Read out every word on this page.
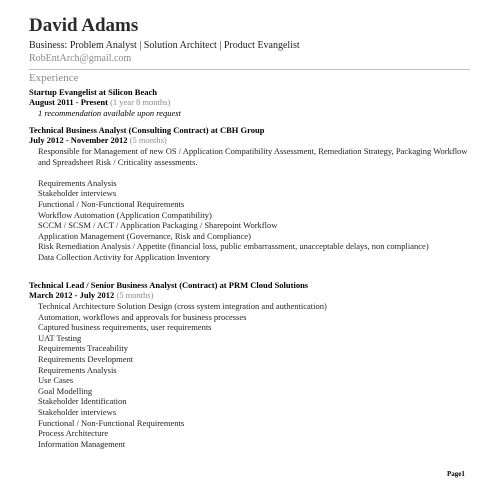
David Adams
Business: Problem Analyst | Solution Architect | Product Evangelist
RobEntArch@gmail.com
Experience
Startup Evangelist at Silicon Beach
August 2011 - Present (1 year 8 months)
1 recommendation available upon request
Technical Business Analyst (Consulting Contract) at CBH Group
July 2012 - November 2012 (5 months)
Responsible for Management of new OS / Application Compatibility Assessment, Remediation Strategy, Packaging Workflow and Spreadsheet Risk / Criticality assessments.
Requirements Analysis
Stakeholder interviews
Functional / Non-Functional Requirements
Workflow Automation (Application Compatibility)
SCCM / SCSM / ACT / Application Packaging / Sharepoint Workflow
Application Management (Governance, Risk and Compliance)
Risk Remediation Analysis / Appetite (financial loss, public embarrassment, unacceptable delays, non compliance)
Data Collection Activity for Application Inventory
Technical Lead / Senior Business Analyst (Contract) at PRM Cloud Solutions
March 2012 - July 2012 (5 months)
Technical Architecture Solution Design (cross system integration and authentication)
Automation, workflows and approvals for business processes
Captured business requirements, user requirements
UAT Testing
Requirements Traceability
Requirements Development
Requirements Analysis
Use Cases
Goal Modelling
Stakeholder Identification
Stakeholder interviews
Functional / Non-Functional Requirements
Process Architecture
Information Management
Page1
